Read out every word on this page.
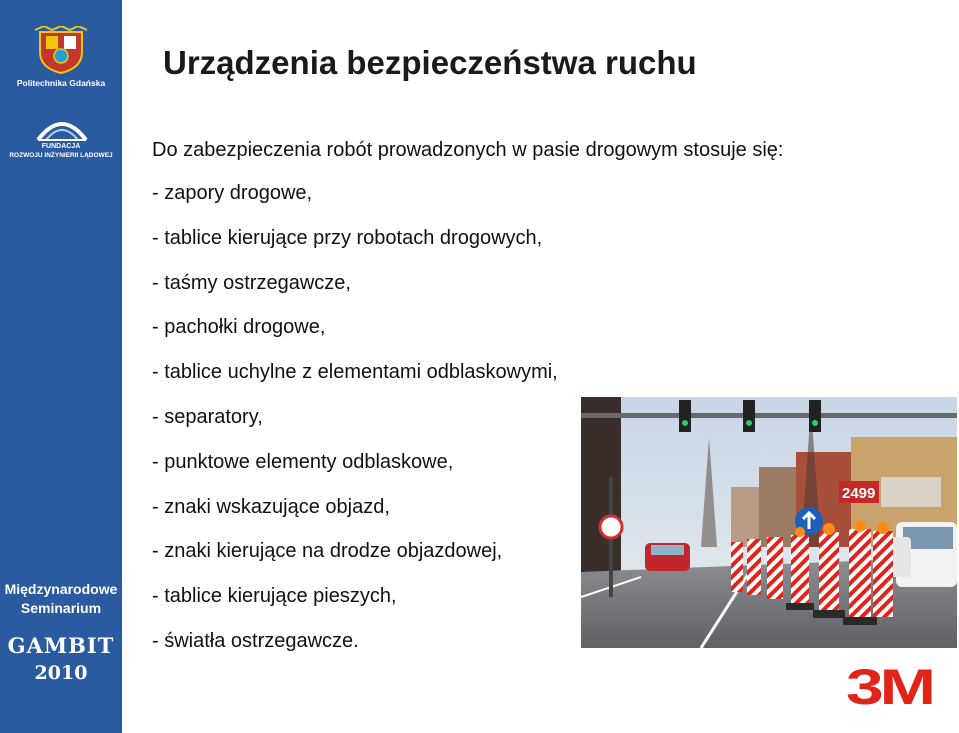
Politechnika Gdańska
FUNDACJA
ROZWOJU INŻYNIERII LĄDOWEJ
Międzynarodowe
Seminarium
GAMBIT
2010
Urządzenia bezpieczeństwa ruchu
Do zabezpieczenia robót prowadzonych w pasie drogowym stosuje się:
- zapory drogowe,
- tablice kierujące przy robotach drogowych,
- taśmy ostrzegawcze,
- pachołki drogowe,
- tablice uchylne z elementami odblaskowymi,
- separatory,
- punktowe elementy odblaskowe,
- znaki wskazujące objazd,
- znaki kierujące na drodze objazdowej,
- tablice kierujące pieszych,
- światła ostrzegawcze.
2499
3M
